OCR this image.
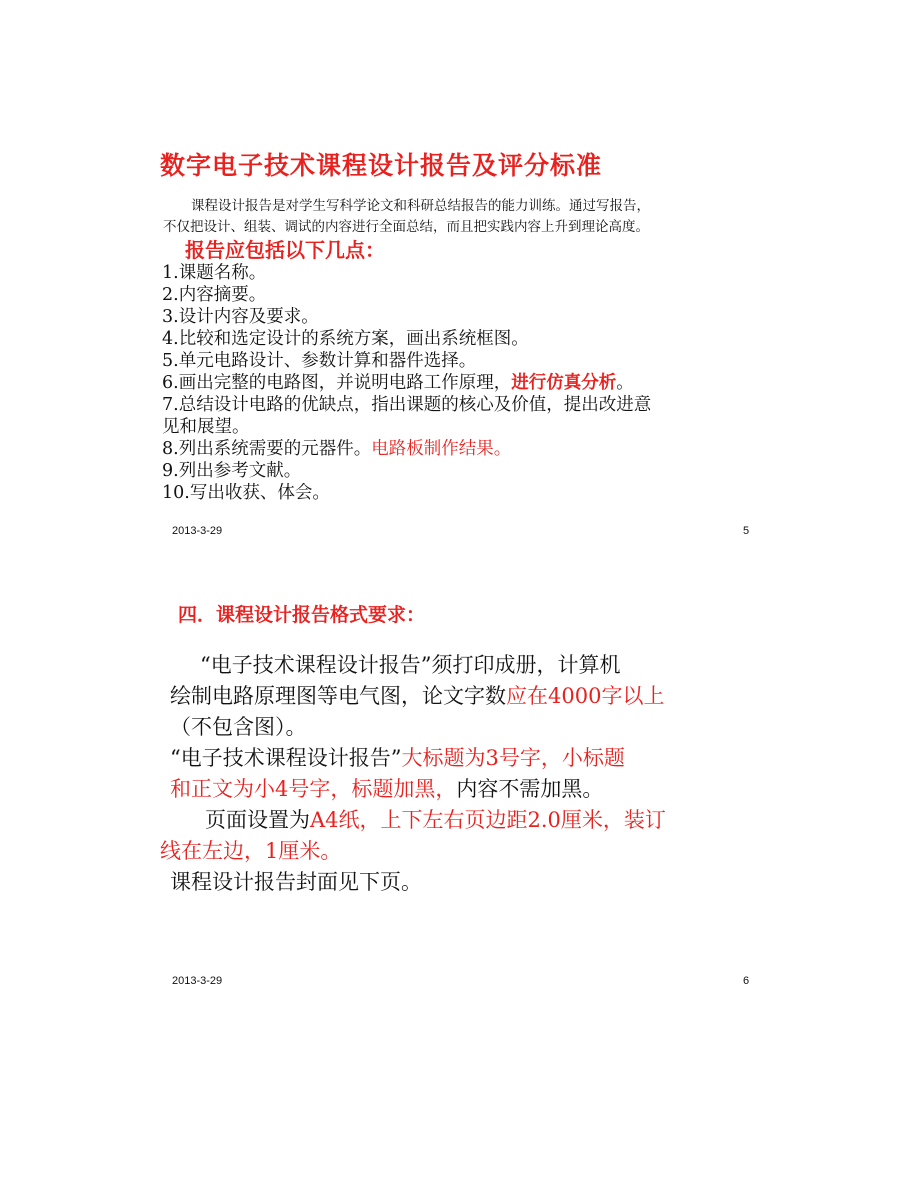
数字电子技术课程设计报告及评分标准
课程设计报告是对学生写科学论文和科研总结报告的能力训练。通过写报告，
不仅把设计、组装、调试的内容进行全面总结，而且把实践内容上升到理论高度。
报告应包括以下几点：
1.课题名称。
2.内容摘要。
3.设计内容及要求。
4.比较和选定设计的系统方案，画出系统框图。
5.单元电路设计、参数计算和器件选择。
6.画出完整的电路图，并说明电路工作原理，进行仿真分析。
7.总结设计电路的优缺点，指出课题的核心及价值，提出改进意
见和展望。
8.列出系统需要的元器件。电路板制作结果。
9.列出参考文献。
10.写出收获、体会。
2013-3-29	5
四．课程设计报告格式要求：
“电子技术课程设计报告”须打印成册，计算机
绘制电路原理图等电气图，论文字数应在4000字以上
（不包含图）。
“电子技术课程设计报告”大标题为3号字，小标题
和正文为小4号字，标题加黑，内容不需加黑。
页面设置为A4纸，上下左右页边距2.0厘米，装订
线在左边，1厘米。
课程设计报告封面见下页。
2013-3-29	6
